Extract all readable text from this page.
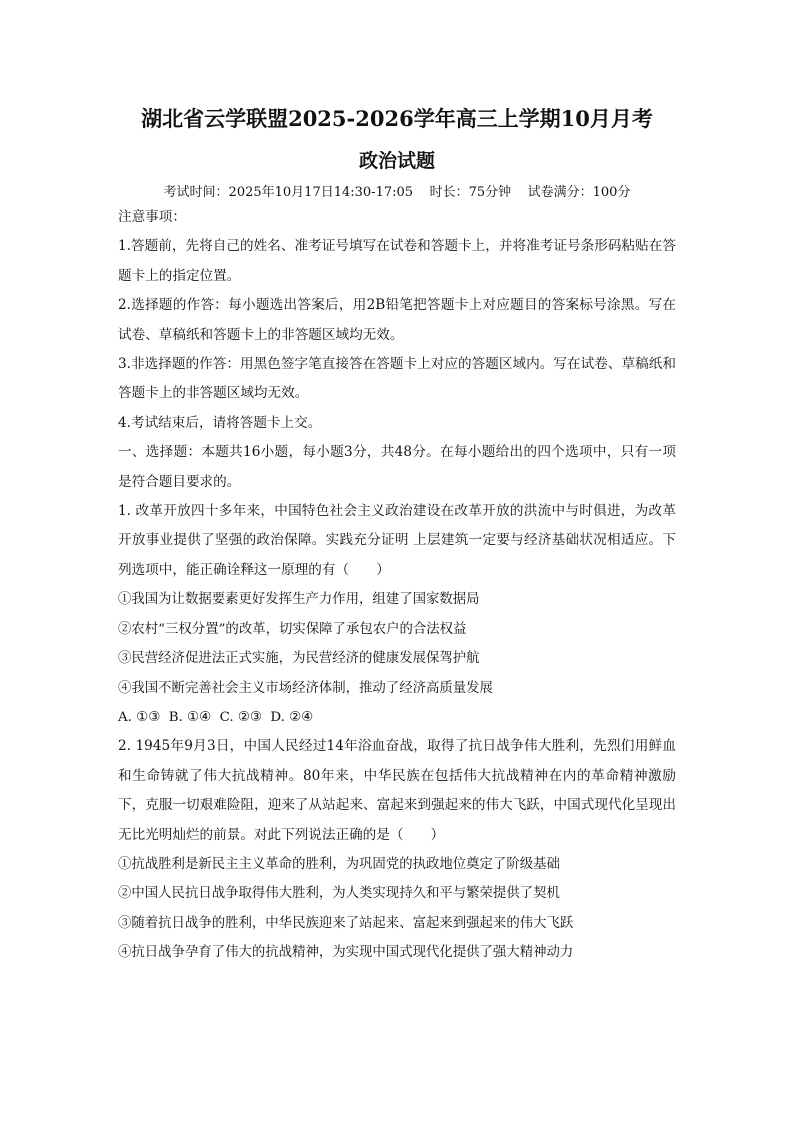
湖北省云学联盟2025-2026学年高三上学期10月月考
政治试题

考试时间：2025年10月17日14:30-17:05    时长：75分钟    试卷满分：100分

注意事项：

1.答题前，先将自己的姓名、准考证号填写在试卷和答题卡上，并将准考证号条形码粘贴在答题卡上的指定位置。

2.选择题的作答：每小题选出答案后，用2B铅笔把答题卡上对应题目的答案标号涂黑。写在试卷、草稿纸和答题卡上的非答题区域均无效。

3.非选择题的作答：用黑色签字笔直接答在答题卡上对应的答题区域内。写在试卷、草稿纸和答题卡上的非答题区域均无效。

4.考试结束后，请将答题卡上交。

一、选择题：本题共16小题，每小题3分，共48分。在每小题给出的四个选项中，只有一项是符合题目要求的。

1. 改革开放四十多年来，中国特色社会主义政治建设在改革开放的洪流中与时俱进，为改革开放事业提供了坚强的政治保障。实践充分证明 上层建筑一定要与经济基础状况相适应。下列选项中，能正确诠释这一原理的有（　　）

①我国为让数据要素更好发挥生产力作用，组建了国家数据局

②农村“三权分置”的改革，切实保障了承包农户的合法权益

③民营经济促进法正式实施，为民营经济的健康发展保驾护航

④我国不断完善社会主义市场经济体制，推动了经济高质量发展

A. ①③  B. ①④  C. ②③  D. ②④

2. 1945年9月3日，中国人民经过14年浴血奋战，取得了抗日战争伟大胜利，先烈们用鲜血和生命铸就了伟大抗战精神。80年来，中华民族在包括伟大抗战精神在内的革命精神激励下，克服一切艰难险阻，迎来了从站起来、富起来到强起来的伟大飞跃，中国式现代化呈现出无比光明灿烂的前景。对此下列说法正确的是（　　）

①抗战胜利是新民主主义革命的胜利，为巩固党的执政地位奠定了阶级基础

②中国人民抗日战争取得伟大胜利，为人类实现持久和平与繁荣提供了契机

③随着抗日战争的胜利，中华民族迎来了站起来、富起来到强起来的伟大飞跃

④抗日战争孕育了伟大的抗战精神，为实现中国式现代化提供了强大精神动力
